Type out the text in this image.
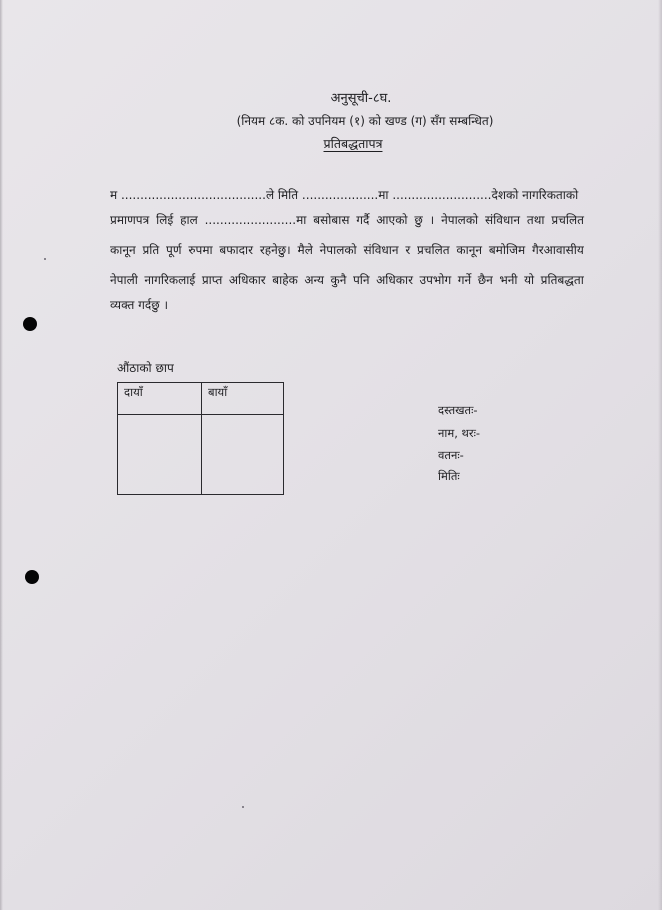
अनुसूची-८घ.
(नियम ८क. को उपनियम (१) को खण्ड (ग) सँग सम्बन्धित)
प्रतिबद्धतापत्र
म ......................................ले मिति ....................मा ..........................देशको नागरिकताको
प्रमाणपत्र लिई हाल ........................मा बसोबास गर्दै आएको छु । नेपालको संविधान तथा प्रचलित
कानून प्रति पूर्ण रुपमा बफादार रहनेछु। मैले नेपालको संविधान र प्रचलित कानून बमोजिम गैरआवासीय
नेपाली नागरिकलाई प्राप्त अधिकार बाहेक अन्य कुनै पनि अधिकार उपभोग गर्ने छैन भनी यो प्रतिबद्धता
व्यक्त गर्दछु ।
औंठाको छाप
दायाँ	बायाँ
दस्तखतः-
नाम, थरः-
वतनः-
मितिः
